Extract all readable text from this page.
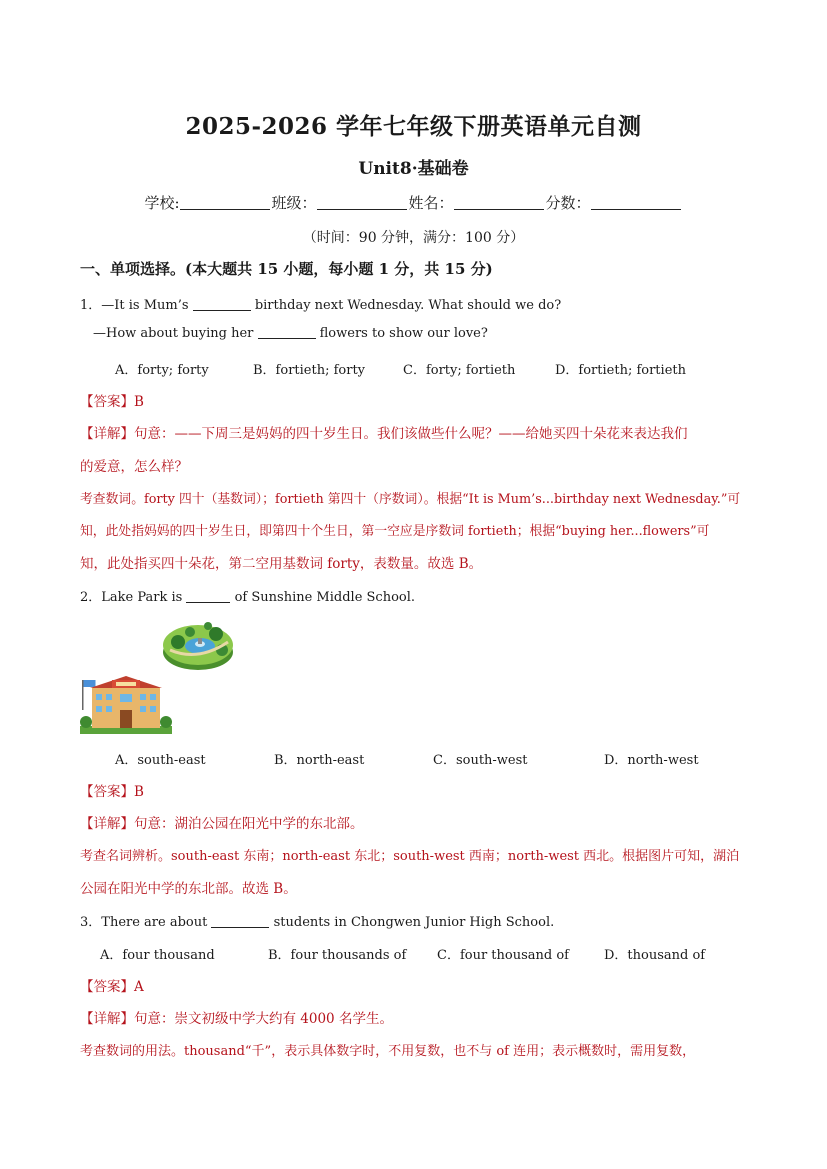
2025-2026 学年七年级下册英语单元自测
Unit8·基础卷
学校:	班级：	姓名：	分数：
（时间：90 分钟，满分：100 分）
一、单项选择。(本大题共 15 小题，每小题 1 分，共 15 分)
1．—It is Mum’s	birthday next Wednesday. What should we do?
—How about buying her	flowers to show our love?
A．forty; forty	B．fortieth; forty	C．forty; fortieth	D．fortieth; fortieth
【答案】B
【详解】句意：——下周三是妈妈的四十岁生日。我们该做些什么呢？——给她买四十朵花来表达我们
的爱意，怎么样？
考查数词。forty 四十（基数词）；fortieth 第四十（序数词）。根据“It is Mum’s...birthday next Wednesday.”可
知，此处指妈妈的四十岁生日，即第四十个生日，第一空应是序数词 fortieth；根据“buying her...flowers”可
知，此处指买四十朵花，第二空用基数词 forty，表数量。故选 B。
2．Lake Park is	of Sunshine Middle School.
A．south-east	B．north-east	C．south-west	D．north-west
【答案】B
【详解】句意：湖泊公园在阳光中学的东北部。
考查名词辨析。south-east 东南；north-east 东北；south-west 西南；north-west 西北。根据图片可知，湖泊
公园在阳光中学的东北部。故选 B。
3．There are about	students in Chongwen Junior High School.
A．four thousand	B．four thousands of C．four thousand of	D．thousand of
【答案】A
【详解】句意：崇文初级中学大约有 4000 名学生。
考查数词的用法。thousand“千”，表示具体数字时，不用复数，也不与 of 连用；表示概数时，需用复数，
